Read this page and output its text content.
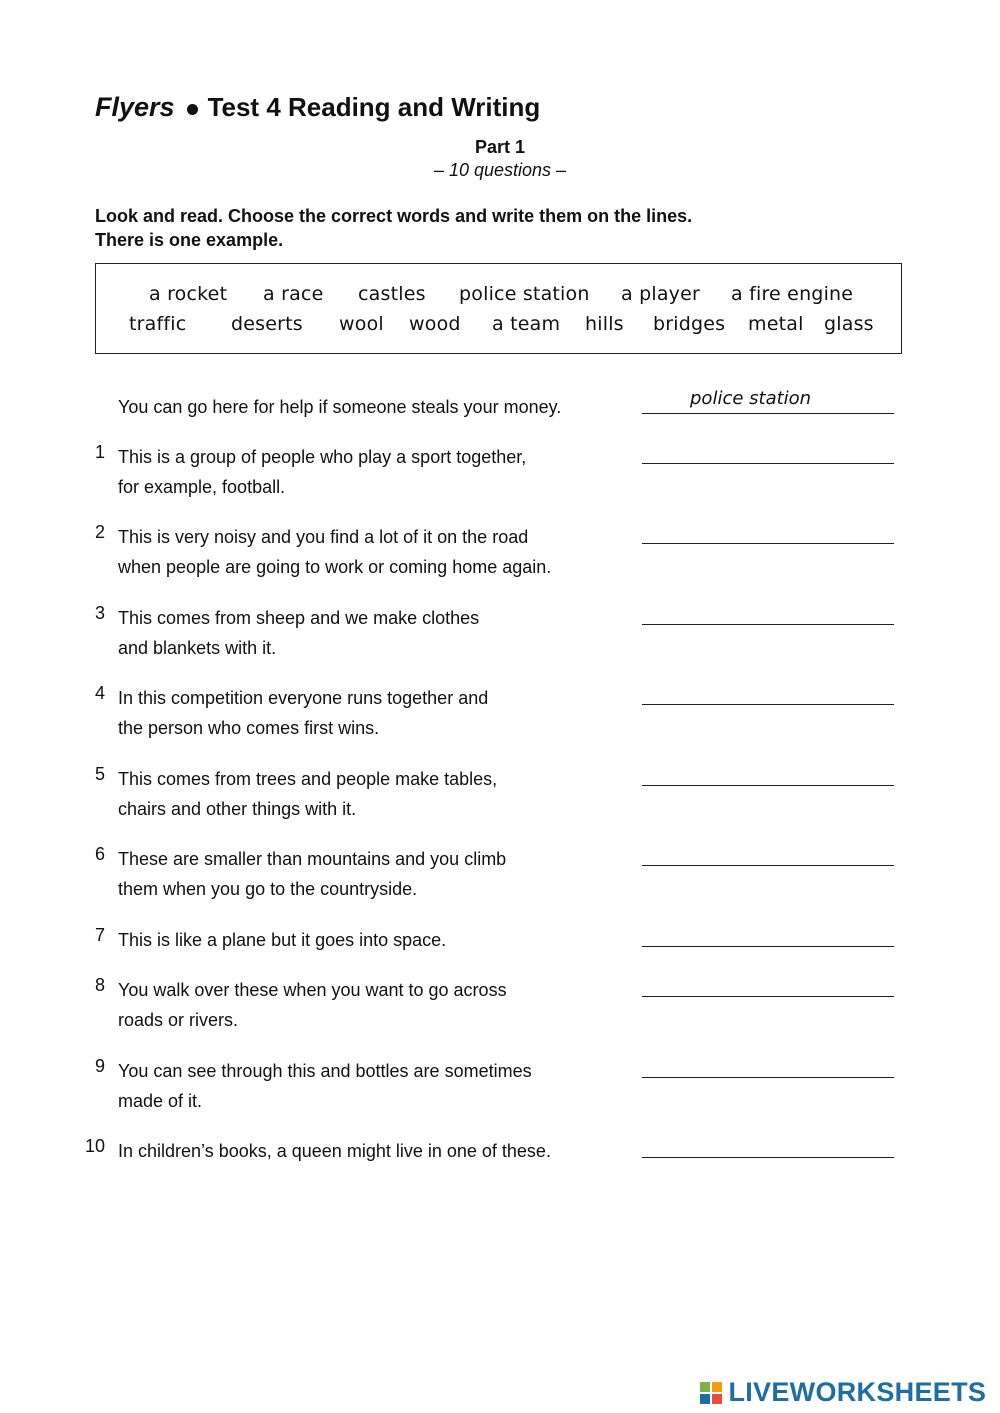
Flyers Test 4 Reading and Writing
Part 1
– 10 questions –
Look and read. Choose the correct words and write them on the lines.
There is one example.
a rocket a race castles police station a player a fire engine
traffic deserts wool wood a team hills bridges metal glass
You can go here for help if someone steals your money.	police station
1 This is a group of people who play a sport together,
for example, football.
2 This is very noisy and you find a lot of it on the road
when people are going to work or coming home again.
3 This comes from sheep and we make clothes
and blankets with it.
4 In this competition everyone runs together and
the person who comes first wins.
5 This comes from trees and people make tables,
chairs and other things with it.
6 These are smaller than mountains and you climb
them when you go to the countryside.
7 This is like a plane but it goes into space.
8 You walk over these when you want to go across
roads or rivers.
9 You can see through this and bottles are sometimes
made of it.
10 In children’s books, a queen might live in one of these.
LIVEWORKSHEETS
